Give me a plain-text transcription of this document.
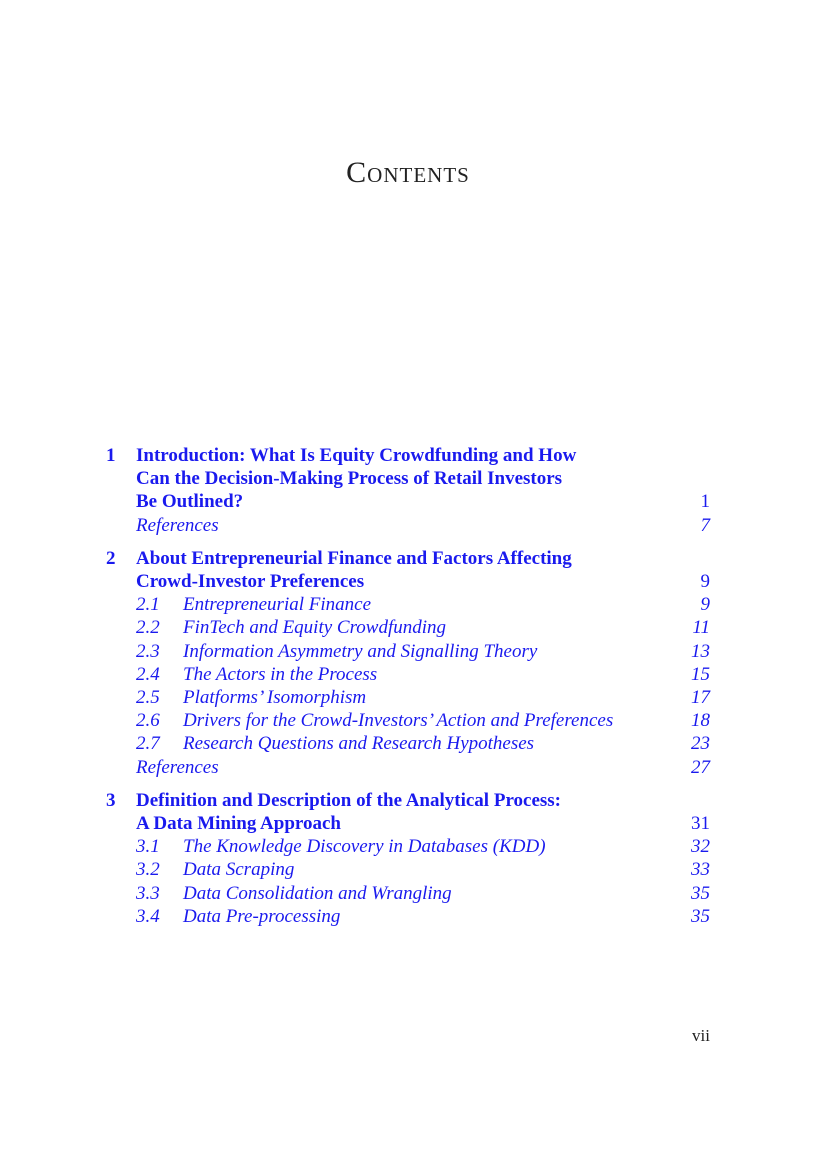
Contents
1	Introduction: What Is Equity Crowdfunding and How
Can the Decision-Making Process of Retail Investors
Be Outlined?	1
References	7
2	About Entrepreneurial Finance and Factors Affecting
Crowd-Investor Preferences	9
2.1 Entrepreneurial Finance	9
2.2 FinTech and Equity Crowdfunding	11
2.3 Information Asymmetry and Signalling Theory	13
2.4 The Actors in the Process	15
2.5 Platforms’ Isomorphism	17
2.6 Drivers for the Crowd-Investors’ Action and Preferences	18
2.7 Research Questions and Research Hypotheses	23
References	27
3	Definition and Description of the Analytical Process:
A Data Mining Approach	31
3.1 The Knowledge Discovery in Databases (KDD)	32
3.2 Data Scraping	33
3.3 Data Consolidation and Wrangling	35
3.4 Data Pre-processing	35
vii
